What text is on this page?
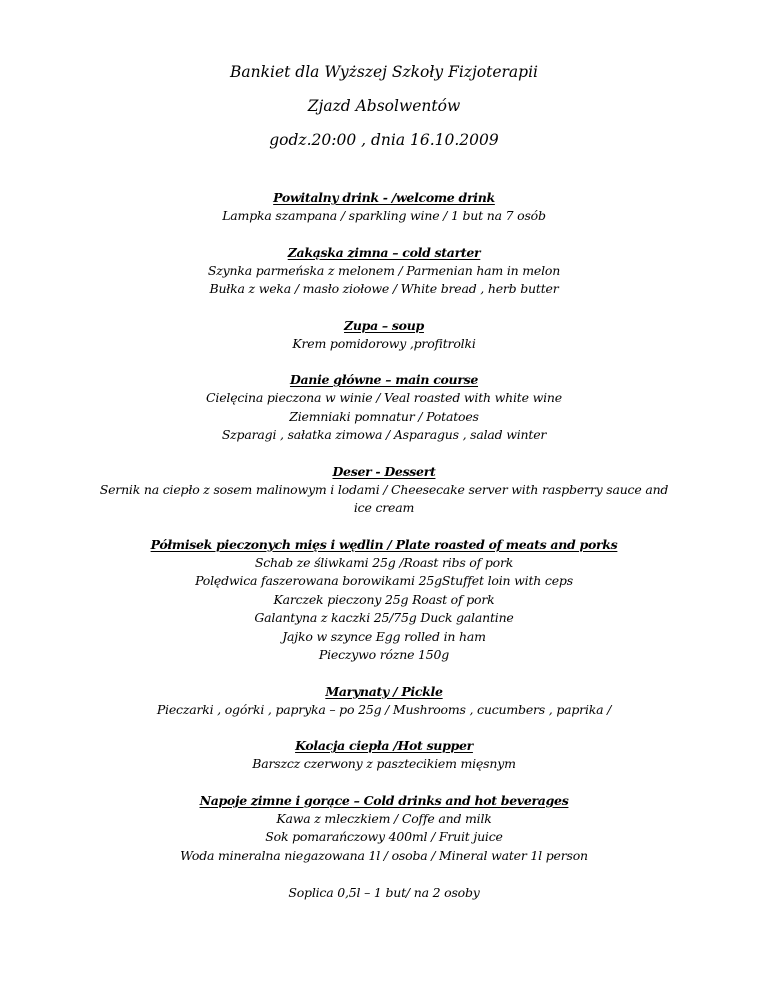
Bankiet dla Wyższej Szkoły Fizjoterapii
Zjazd Absolwentów
godz.20:00 , dnia 16.10.2009
Powitalny drink - /welcome drink
Lampka szampana / sparkling wine / 1 but na 7 osób
Zakąska zimna – cold starter
Szynka parmeńska z melonem / Parmenian ham in melon
Bułka z weka / masło ziołowe / White bread , herb butter
Zupa – soup
Krem pomidorowy ,profitrolki
Danie główne – main course
Cielęcina pieczona w winie / Veal roasted with white wine
Ziemniaki pomnatur / Potatoes
Szparagi , sałatka zimowa / Asparagus , salad winter
Deser - Dessert
Sernik na ciepło z sosem malinowym i lodami / Cheesecake server with raspberry sauce and ice cream
Półmisek pieczonych mięs i wędlin / Plate roasted of meats and porks
Schab ze śliwkami 25g /Roast ribs of pork
Polędwica faszerowana borowikami 25gStuffet loin with ceps
Karczek pieczony 25g Roast of pork
Galantyna z kaczki 25/75g Duck galantine
Jajko w szynce Egg rolled in ham
Pieczywo rózne 150g
Marynaty / Pickle
Pieczarki , ogórki , papryka – po 25g / Mushrooms , cucumbers , paprika /
Kolacja ciepła /Hot supper
Barszcz czerwony z pasztecikiem mięsnym
Napoje zimne i gorące – Cold drinks and hot beverages
Kawa z mleczkiem / Coffe and milk
Sok pomarańczowy 400ml / Fruit juice
Woda mineralna niegazowana 1l / osoba / Mineral water 1l person
Soplica 0,5l – 1 but/ na 2 osoby
